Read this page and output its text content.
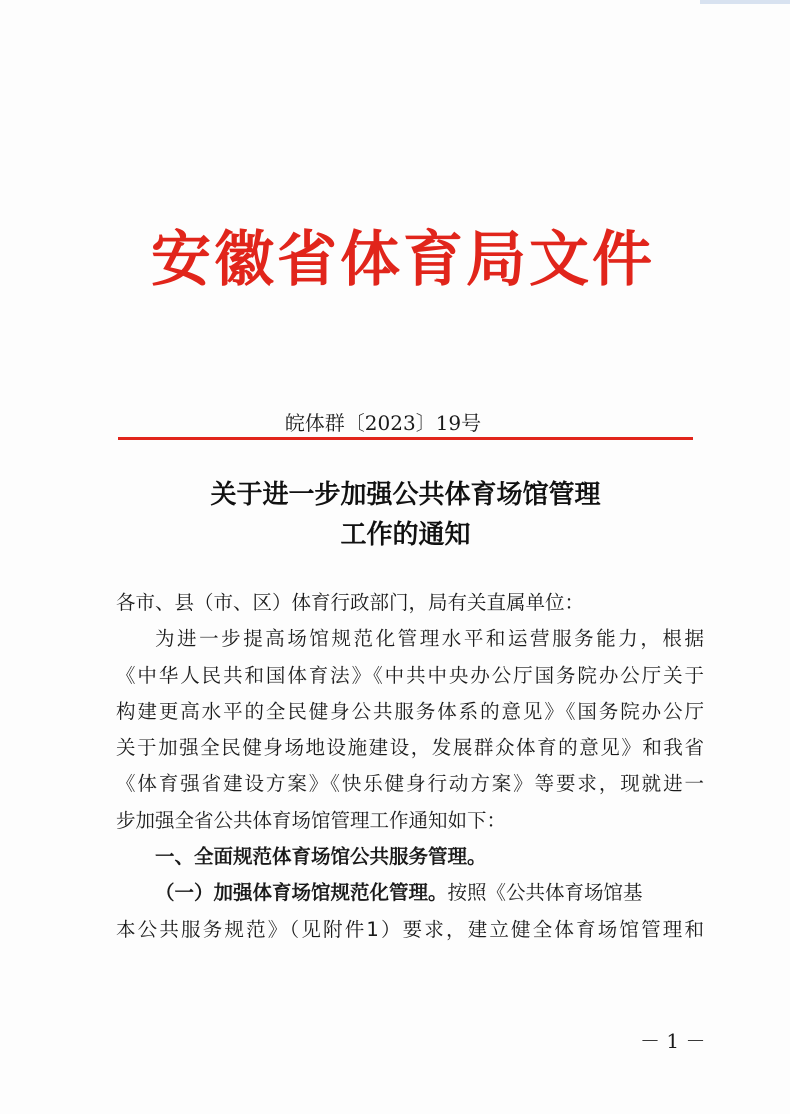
安徽省体育局文件
皖体群〔2023〕19号
关于进一步加强公共体育场馆管理
工作的通知
各市、县（市、区）体育行政部门，局有关直属单位：
为进一步提高场馆规范化管理水平和运营服务能力，根据
《中华人民共和国体育法》《中共中央办公厅国务院办公厅关于
构建更高水平的全民健身公共服务体系的意见》《国务院办公厅
关于加强全民健身场地设施建设，发展群众体育的意见》和我省
《体育强省建设方案》《快乐健身行动方案》等要求，现就进一
步加强全省公共体育场馆管理工作通知如下：
一、全面规范体育场馆公共服务管理。
（一）加强体育场馆规范化管理。按照《公共体育场馆基
本公共服务规范》（见附件1）要求，建立健全体育场馆管理和
－ 1 －
